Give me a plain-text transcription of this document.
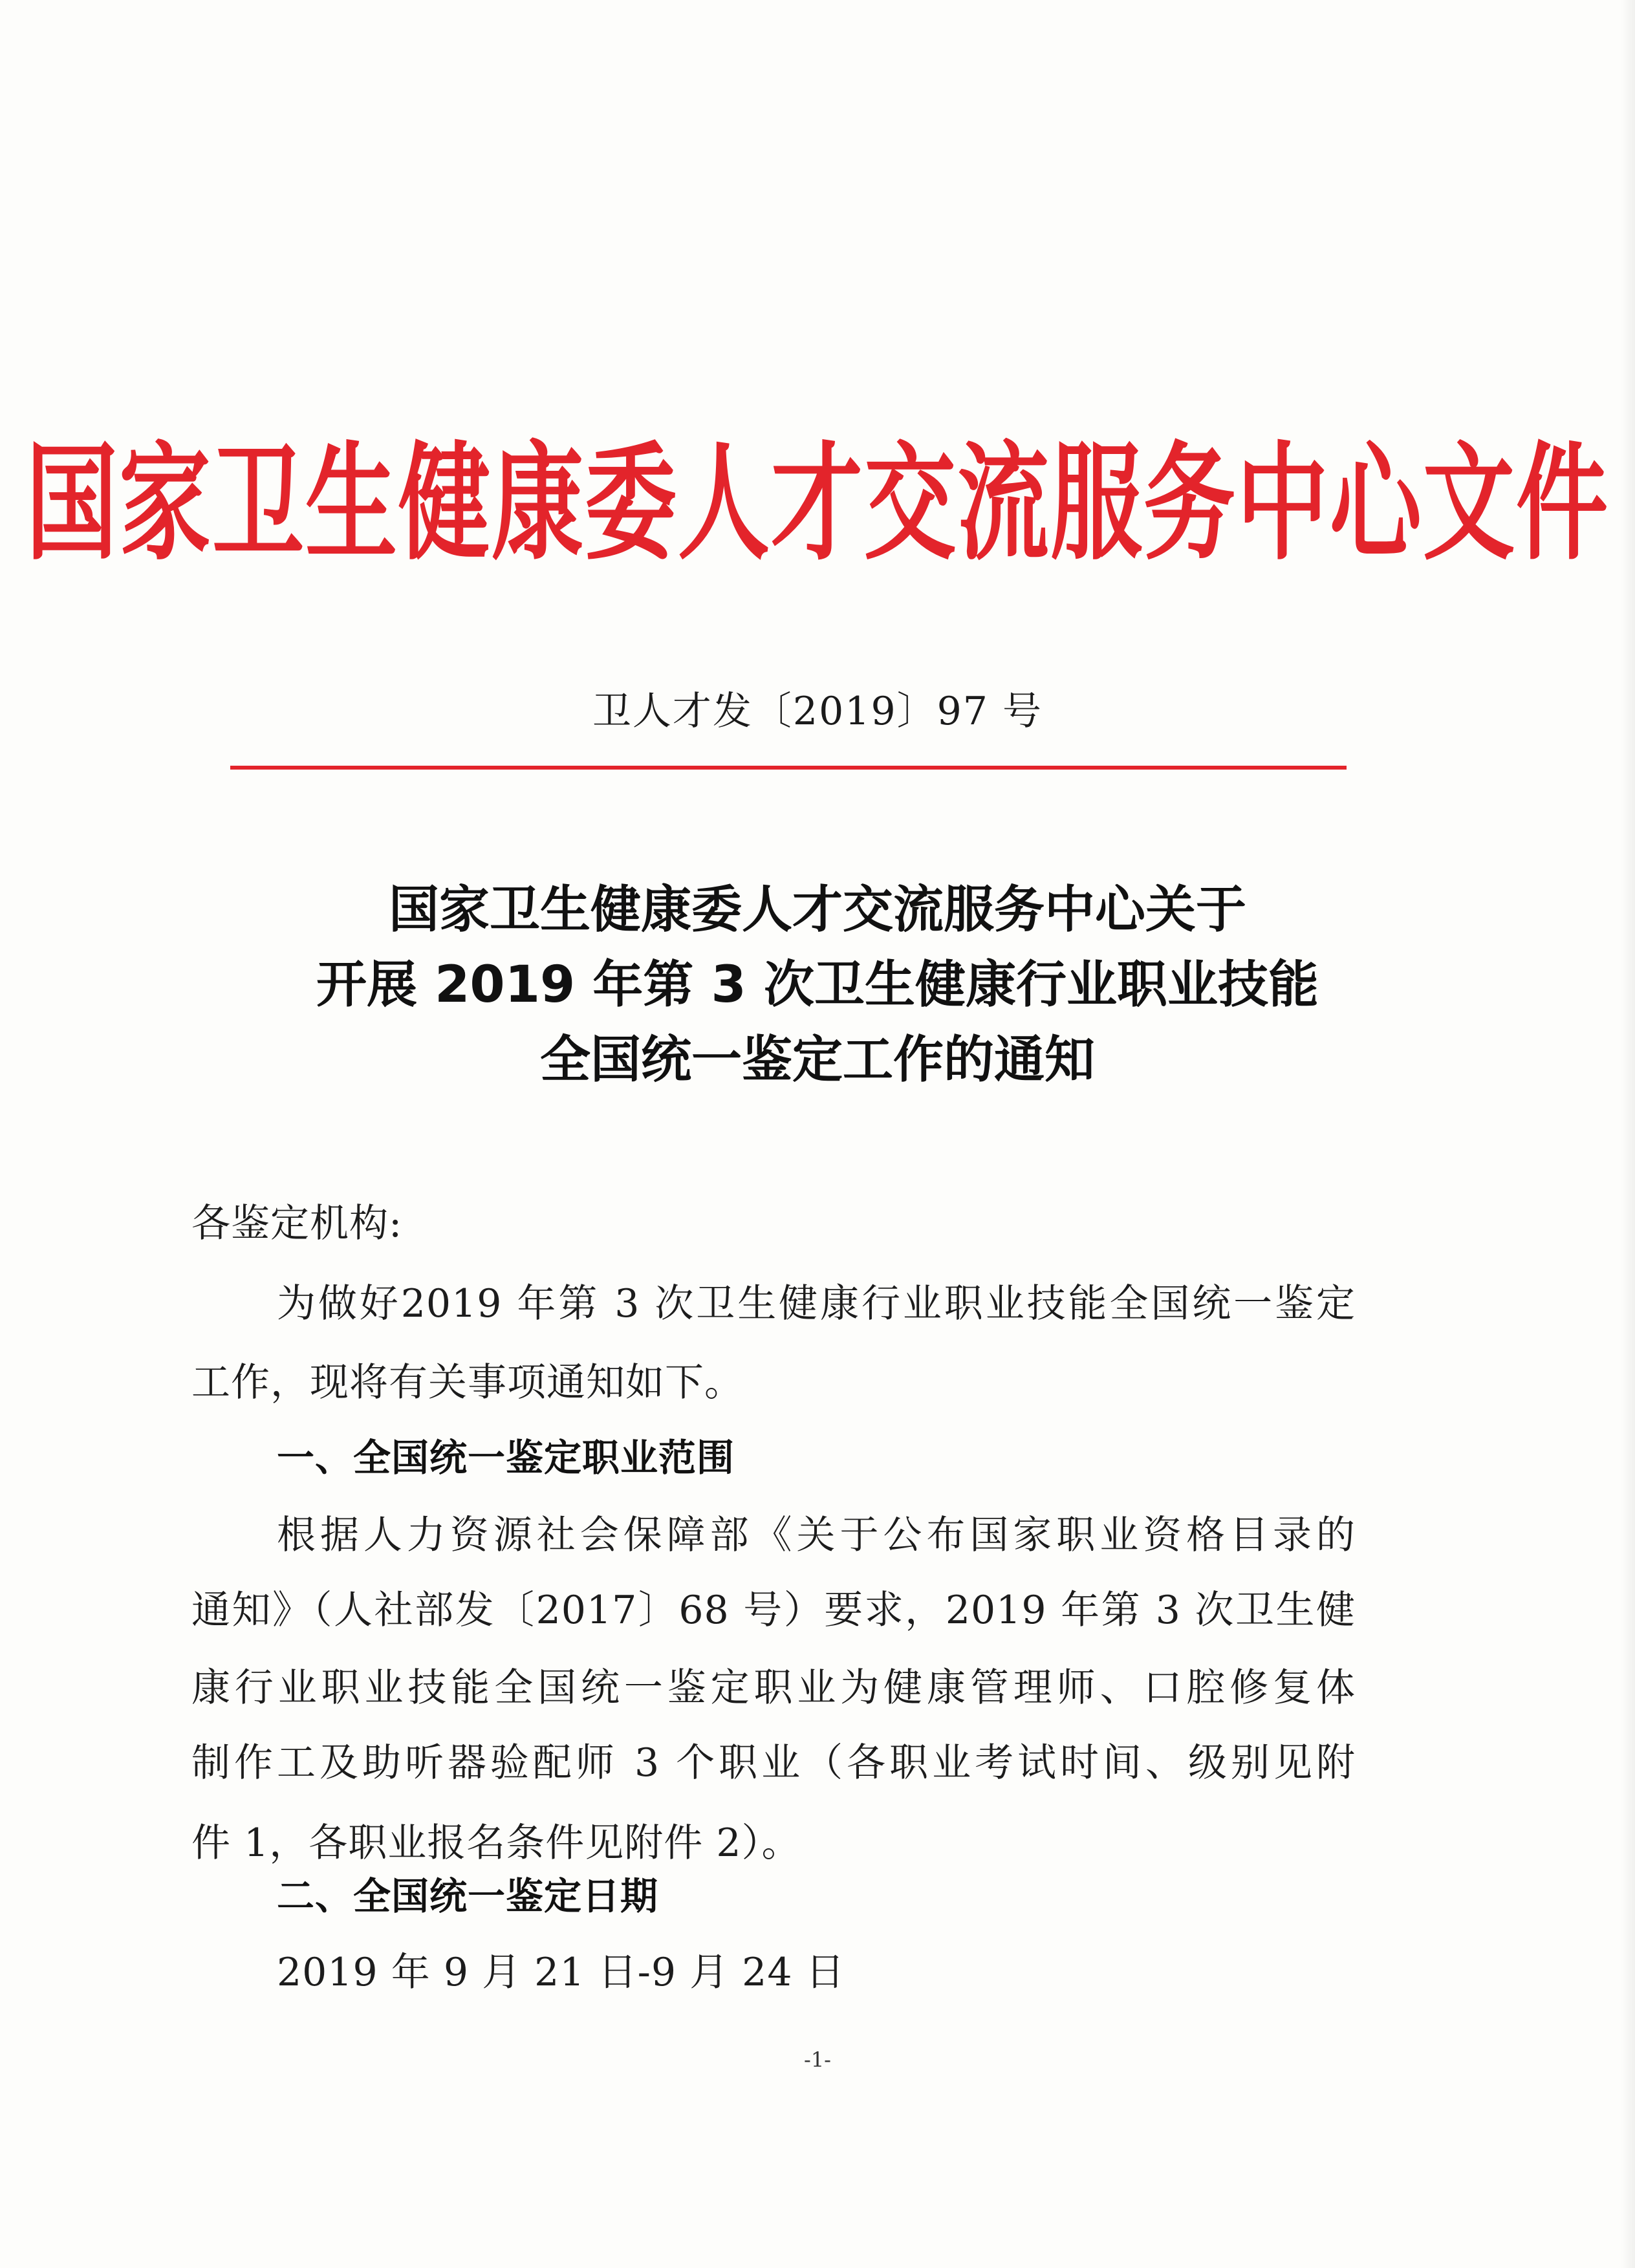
国家卫生健康委人才交流服务中心文件
卫人才发〔2019〕97 号
国家卫生健康委人才交流服务中心关于
开展 2019 年第 3 次卫生健康行业职业技能
全国统一鉴定工作的通知
各鉴定机构:
为做好2019 年第 3 次卫生健康行业职业技能全国统一鉴定
工作，现将有关事项通知如下。
一、全国统一鉴定职业范围
根据人力资源社会保障部《关于公布国家职业资格目录的
通知》（人社部发〔2017〕68 号）要求，2019 年第 3 次卫生健
康行业职业技能全国统一鉴定职业为健康管理师、口腔修复体
制作工及助听器验配师 3 个职业（各职业考试时间、级别见附
件 1，各职业报名条件见附件 2）。
二、全国统一鉴定日期
2019 年 9 月 21 日-9 月 24 日
-1-
